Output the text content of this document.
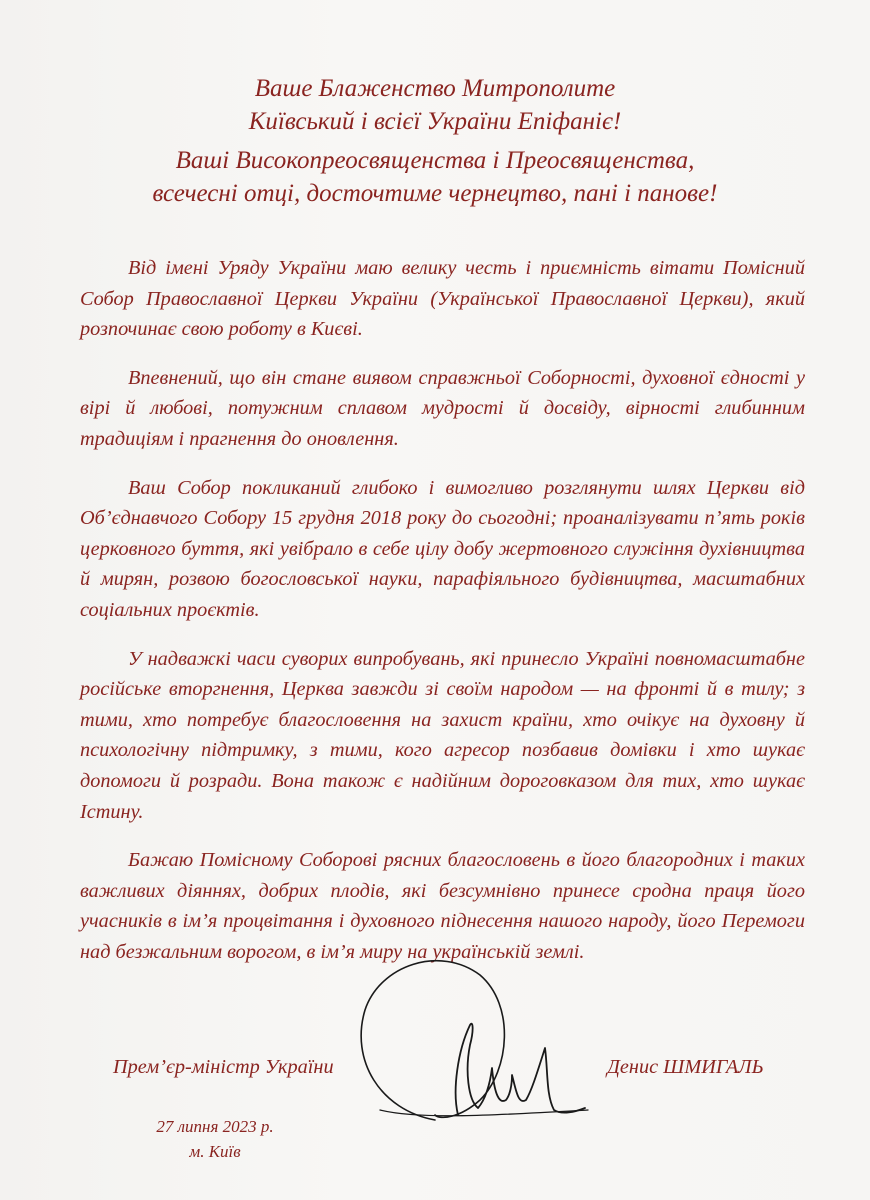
Ваше Блаженство Митрополите
Київський і всієї України Епіфаніє!
Ваші Високопреосвященства і Преосвященства,
всечесні отці, досточтиме чернецтво, пані і панове!

Від імені Уряду України маю велику честь і приємність вітати Помісний Собор Православної Церкви України (Української Православної Церкви), який розпочинає свою роботу в Києві.

Впевнений, що він стане виявом справжньої Соборності, духовної єдності у вірі й любові, потужним сплавом мудрості й досвіду, вірності глибинним традиціям і прагнення до оновлення.

Ваш Собор покликаний глибоко і вимогливо розглянути шлях Церкви від Об’єднавчого Собору 15 грудня 2018 року до сьогодні; проаналізувати п’ять років церковного буття, які увібрало в себе цілу добу жертовного служіння духівництва й мирян, розвою богословської науки, парафіяльного будівництва, масштабних соціальних проєктів.

У надважкі часи суворих випробувань, які принесло Україні повномасштабне російське вторгнення, Церква завжди зі своїм народом — на фронті й в тилу; з тими, хто потребує благословення на захист країни, хто очікує на духовну й психологічну підтримку, з тими, кого агресор позбавив домівки і хто шукає допомоги й розради. Вона також є надійним дороговказом для тих, хто шукає Істину.

Бажаю Помісному Соборові рясних благословень в його благородних і таких важливих діяннях, добрих плодів, які безсумнівно принесе сродна праця його учасників в ім’я процвітання і духовного піднесення нашого народу, його Перемоги над безжальним ворогом, в ім’я миру на українській землі.

Прем’єр-міністр України	Денис ШМИГАЛЬ
27 липня 2023 р.
м. Київ
